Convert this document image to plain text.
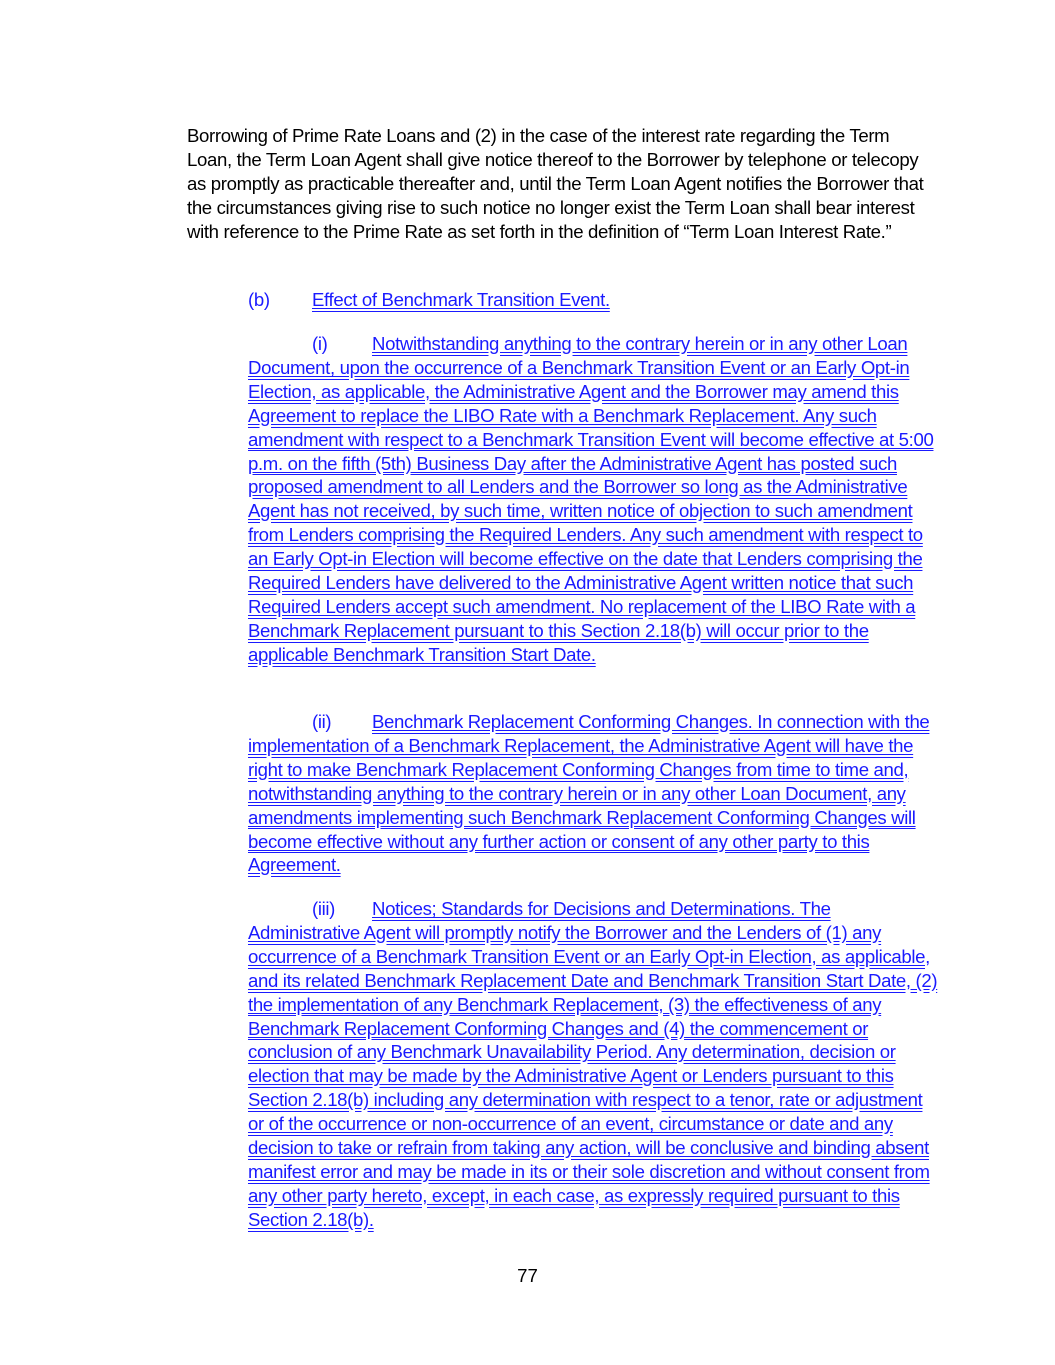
Borrowing of Prime Rate Loans and (2) in the case of the interest rate regarding the Term Loan, the Term Loan Agent shall give notice thereof to the Borrower by telephone or telecopy as promptly as practicable thereafter and, until the Term Loan Agent notifies the Borrower that the circumstances giving rise to such notice no longer exist the Term Loan shall bear interest with reference to the Prime Rate as set forth in the definition of “Term Loan Interest Rate.”

(b) Effect of Benchmark Transition Event.

(i) Notwithstanding anything to the contrary herein or in any other Loan Document, upon the occurrence of a Benchmark Transition Event or an Early Opt-in Election, as applicable, the Administrative Agent and the Borrower may amend this Agreement to replace the LIBO Rate with a Benchmark Replacement. Any such amendment with respect to a Benchmark Transition Event will become effective at 5:00 p.m. on the fifth (5th) Business Day after the Administrative Agent has posted such proposed amendment to all Lenders and the Borrower so long as the Administrative Agent has not received, by such time, written notice of objection to such amendment from Lenders comprising the Required Lenders. Any such amendment with respect to an Early Opt-in Election will become effective on the date that Lenders comprising the Required Lenders have delivered to the Administrative Agent written notice that such Required Lenders accept such amendment. No replacement of the LIBO Rate with a Benchmark Replacement pursuant to this Section 2.18(b) will occur prior to the applicable Benchmark Transition Start Date.

(ii) Benchmark Replacement Conforming Changes. In connection with the implementation of a Benchmark Replacement, the Administrative Agent will have the right to make Benchmark Replacement Conforming Changes from time to time and, notwithstanding anything to the contrary herein or in any other Loan Document, any amendments implementing such Benchmark Replacement Conforming Changes will become effective without any further action or consent of any other party to this Agreement.

(iii) Notices; Standards for Decisions and Determinations. The Administrative Agent will promptly notify the Borrower and the Lenders of (1) any occurrence of a Benchmark Transition Event or an Early Opt-in Election, as applicable, and its related Benchmark Replacement Date and Benchmark Transition Start Date, (2) the implementation of any Benchmark Replacement, (3) the effectiveness of any Benchmark Replacement Conforming Changes and (4) the commencement or conclusion of any Benchmark Unavailability Period. Any determination, decision or election that may be made by the Administrative Agent or Lenders pursuant to this Section 2.18(b) including any determination with respect to a tenor, rate or adjustment or of the occurrence or non-occurrence of an event, circumstance or date and any decision to take or refrain from taking any action, will be conclusive and binding absent manifest error and may be made in its or their sole discretion and without consent from any other party hereto, except, in each case, as expressly required pursuant to this Section 2.18(b).

77
